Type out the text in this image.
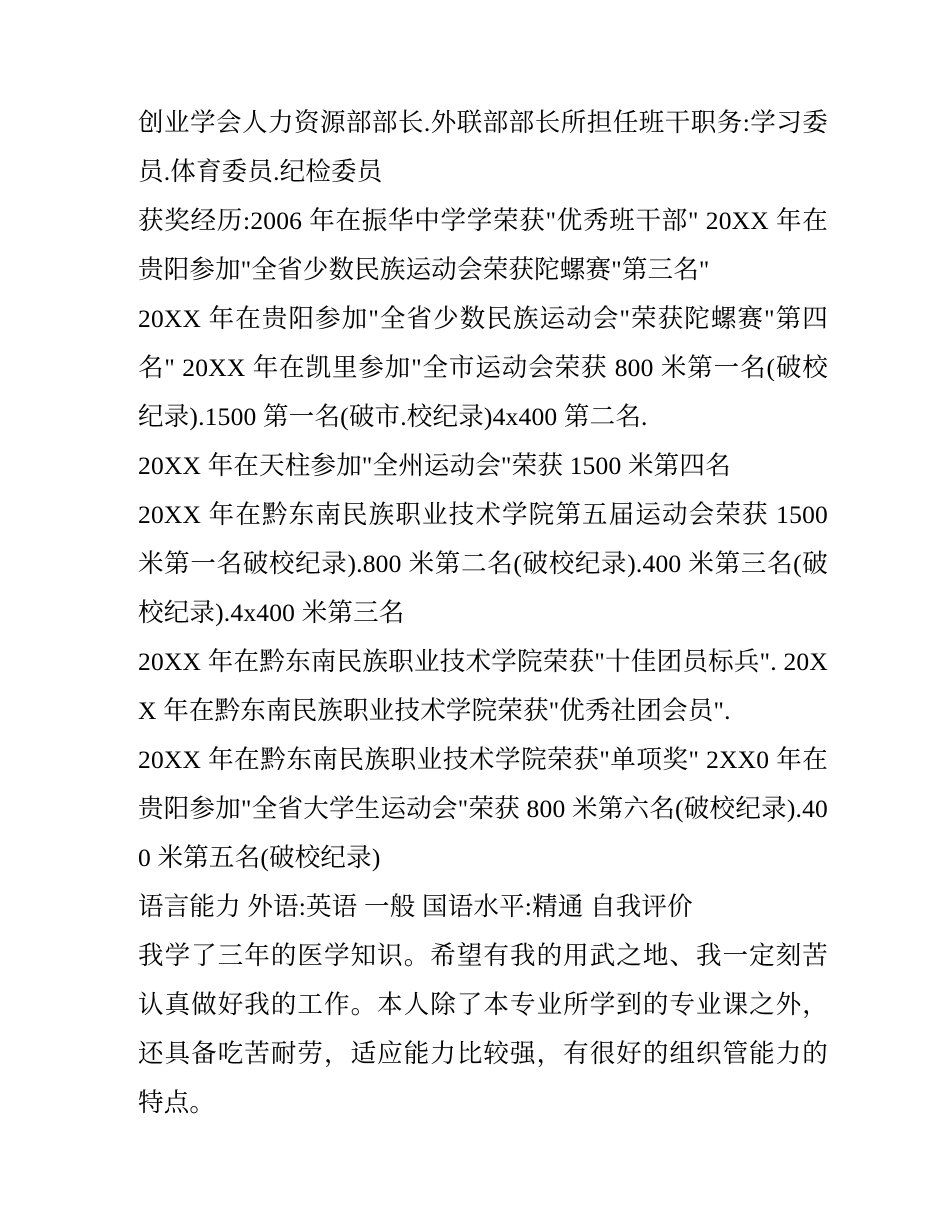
创业学会人力资源部部长.外联部部长所担任班干职务:学习委员.体育委员.纪检委员

获奖经历:2006 年在振华中学学荣获"优秀班干部" 20XX 年在贵阳参加"全省少数民族运动会荣获陀螺赛"第三名"

20XX 年在贵阳参加"全省少数民族运动会"荣获陀螺赛"第四名" 20XX 年在凯里参加"全市运动会荣获 800 米第一名(破校纪录).1500 第一名(破市.校纪录)4x400 第二名.

20XX 年在天柱参加"全州运动会"荣获 1500 米第四名

20XX 年在黔东南民族职业技术学院第五届运动会荣获 1500 米第一名破校纪录).800 米第二名(破校纪录).400 米第三名(破校纪录).4x400 米第三名

20XX 年在黔东南民族职业技术学院荣获"十佳团员标兵". 20XX 年在黔东南民族职业技术学院荣获"优秀社团会员".

20XX 年在黔东南民族职业技术学院荣获"单项奖" 2XX0 年在贵阳参加"全省大学生运动会"荣获 800 米第六名(破校纪录).400 米第五名(破校纪录)

语言能力 外语:英语 一般 国语水平:精通 自我评价

我学了三年的医学知识。希望有我的用武之地、我一定刻苦认真做好我的工作。本人除了本专业所学到的专业课之外，还具备吃苦耐劳，适应能力比较强，有很好的组织管能力的特点。
